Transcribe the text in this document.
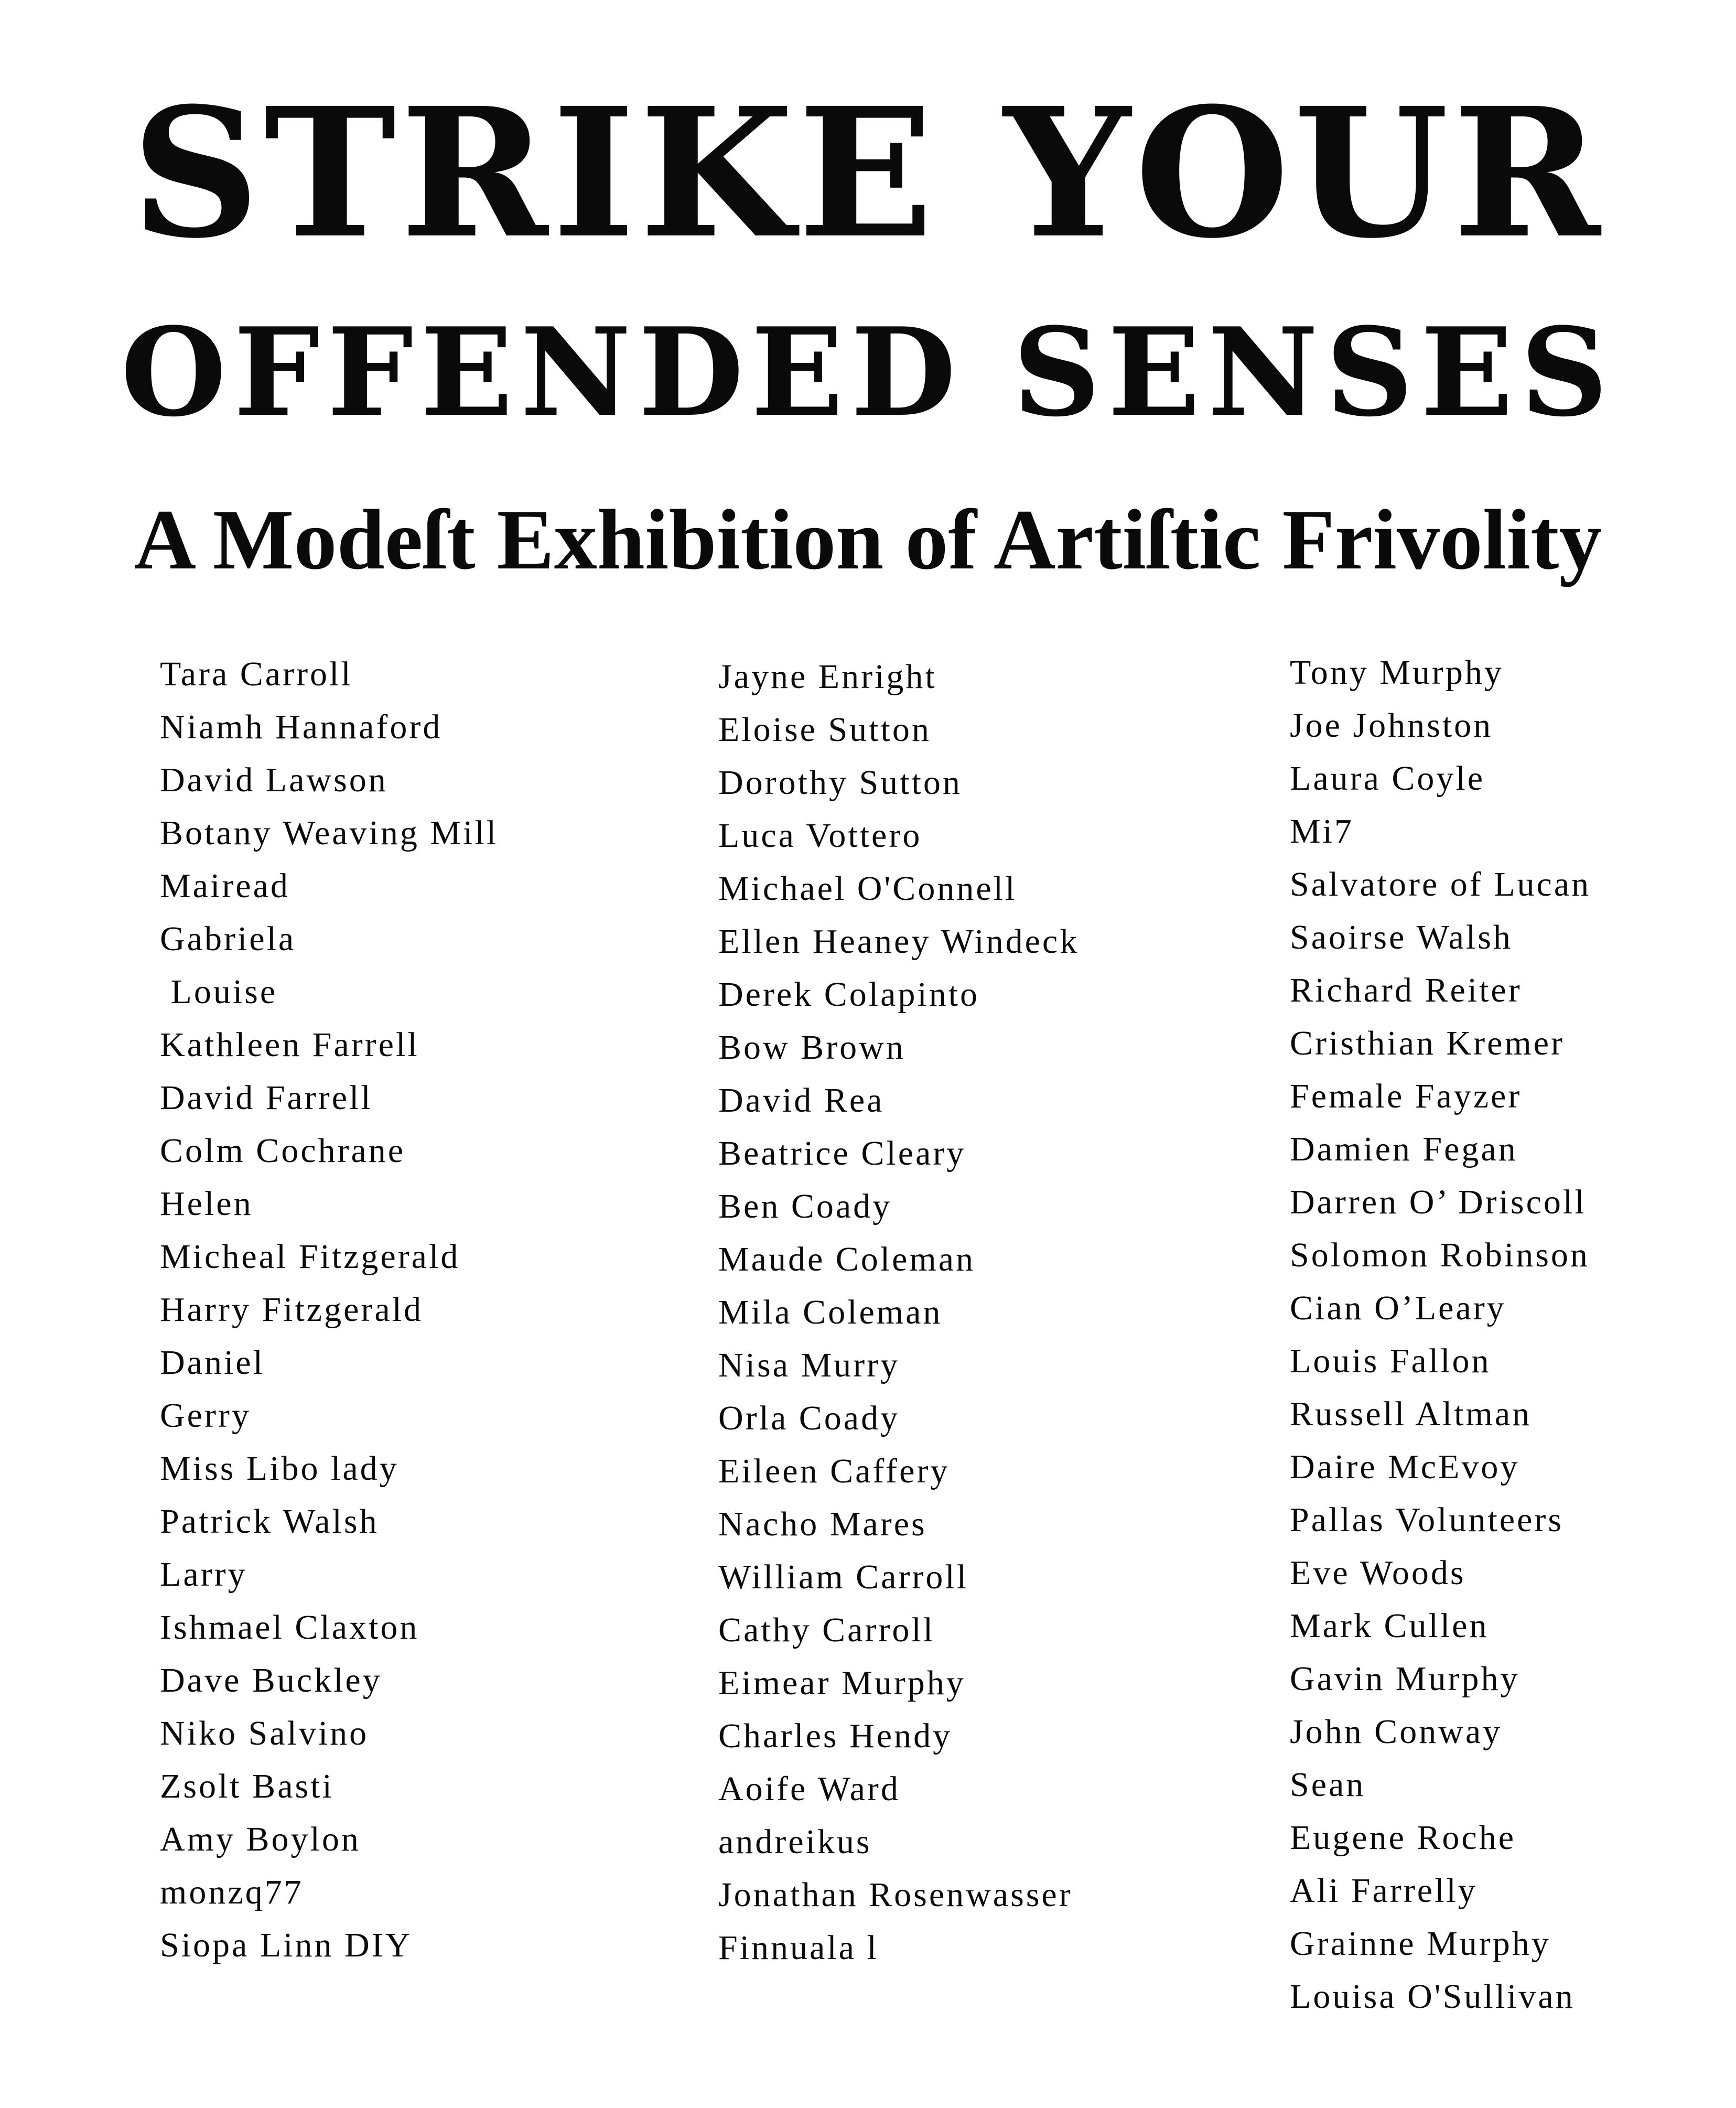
STRIKE YOUR
OFFENDED SENSES
A Modeſt Exhibition of Artiſtic Frivolity
Tara Carroll
Niamh Hannaford
David Lawson
Botany Weaving Mill
Mairead
Gabriela
Louise
Kathleen Farrell
David Farrell
Colm Cochrane
Helen
Micheal Fitzgerald
Harry Fitzgerald
Daniel
Gerry
Miss Libo lady
Patrick Walsh
Larry
Ishmael Claxton
Dave Buckley
Niko Salvino
Zsolt Basti
Amy Boylon
monzq77
Siopa Linn DIY
Jayne Enright
Eloise Sutton
Dorothy Sutton
Luca Vottero
Michael O'Connell
Ellen Heaney Windeck
Derek Colapinto
Bow Brown
David Rea
Beatrice Cleary
Ben Coady
Maude Coleman
Mila Coleman
Nisa Murry
Orla Coady
Eileen Caffery
Nacho Mares
William Carroll
Cathy Carroll
Eimear Murphy
Charles Hendy
Aoife Ward
andreikus
Jonathan Rosenwasser
Finnuala l
Tony Murphy
Joe Johnston
Laura Coyle
Mi7
Salvatore of Lucan
Saoirse Walsh
Richard Reiter
Cristhian Kremer
Female Fayzer
Damien Fegan
Darren O’ Driscoll
Solomon Robinson
Cian O’Leary
Louis Fallon
Russell Altman
Daire McEvoy
Pallas Volunteers
Eve Woods
Mark Cullen
Gavin Murphy
John Conway
Sean
Eugene Roche
Ali Farrelly
Grainne Murphy
Louisa O'Sullivan
